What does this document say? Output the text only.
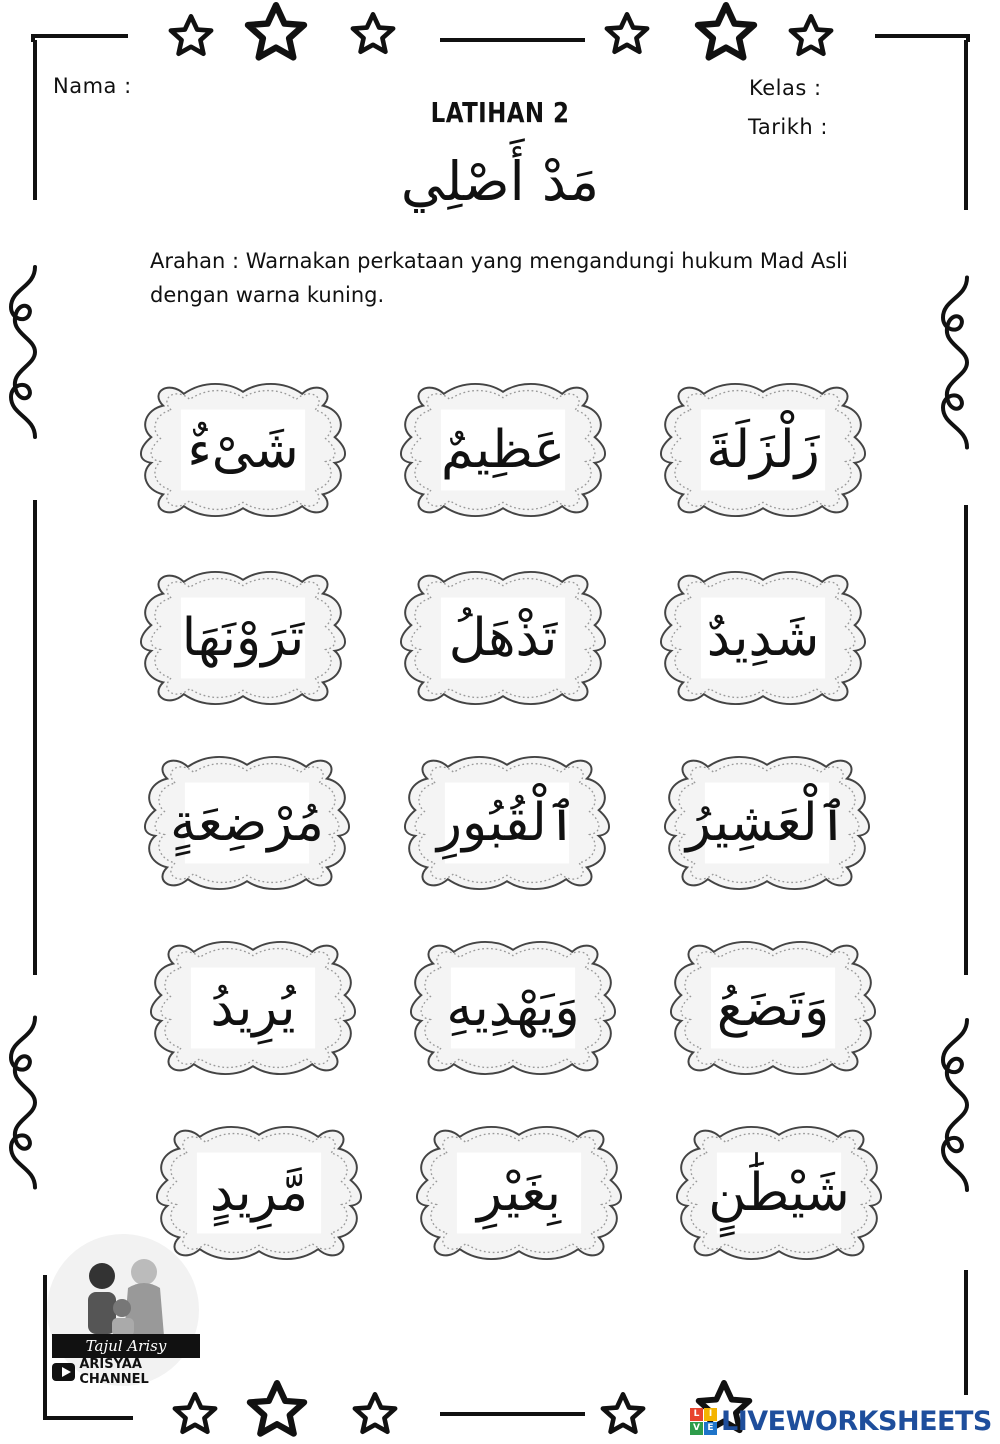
Nama :	Kelas :
Tarikh :
LATIHAN 2
مَدْ أَصْلِي
Arahan : Warnakan perkataan yang mengandungi hukum Mad Asli
dengan warna kuning.
زَلْزَلَةَ
عَظِيمٌ
شَىْءٌ
شَدِيدٌ
تَذْهَلُ
تَرَوْنَهَا
ٱلْعَشِيرُ
ٱلْقُبُورِ
مُرْضِعَةٍ
وَتَضَعُ
وَيَهْدِيهِ
يُرِيدُ
شَيْطَٰنٍ
بِغَيْرِ
مَّرِيدٍ
Tajul Arisy
ARISYAA CHANNEL
L	I
V E LIVEWORKSHEETS
